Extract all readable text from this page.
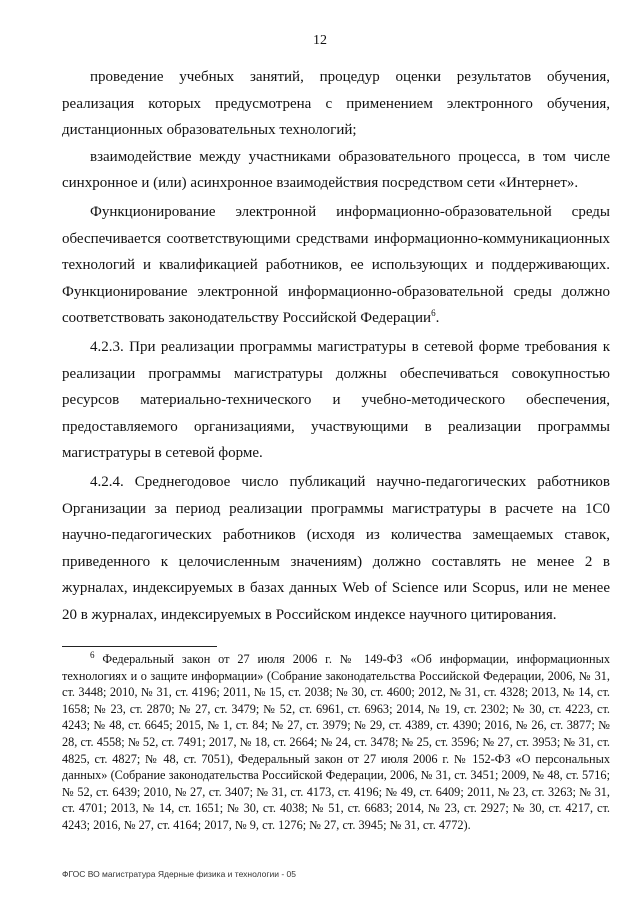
12

проведение учебных занятий, процедур оценки результатов обучения, реализация которых предусмотрена с применением электронного обучения, дистанционных образовательных технологий;

взаимодействие между участниками образовательного процесса, в том числе синхронное и (или) асинхронное взаимодействия посредством сети «Интернет».

Функционирование электронной информационно-образовательной среды обеспечивается соответствующими средствами информационно-коммуникационных технологий и квалификацией работников, ее использующих и поддерживающих. Функционирование электронной информационно-образовательной среды должно соответствовать законодательству Российской Федерации$^6$.

4.2.3. При реализации программы магистратуры в сетевой форме требования к реализации программы магистратуры должны обеспечиваться совокупностью ресурсов материально-технического и учебно-методического обеспечения, предоставляемого организациями, участвующими в реализации программы магистратуры в сетевой форме.

4.2.4. Среднегодовое число публикаций научно-педагогических работников Организации за период реализации программы магистратуры в расчете на 1С0 научно-педагогических работников (исходя из количества замещаемых ставок, приведенного к целочисленным значениям) должно составлять не менее 2 в журналах, индексируемых в базах данных Web of Science или Scopus, или не менее 20 в журналах, индексируемых в Российском индексе научного цитирования.

$^6$ Федеральный закон от 27 июля 2006 г. № 149-ФЗ «Об информации, информационных технологиях и о защите информации» (Собрание законодательства Российской Федерации, 2006, № 31, ст. 3448; 2010, № 31, ст. 4196; 2011, № 15, ст. 2038; № 30, ст. 4600; 2012, № 31, ст. 4328; 2013, № 14, ст. 1658; № 23, ст. 2870; № 27, ст. 3479; № 52, ст. 6961, ст. 6963; 2014, № 19, ст. 2302; № 30, ст. 4223, ст. 4243; № 48, ст. 6645; 2015, № 1, ст. 84; № 27, ст. 3979; № 29, ст. 4389, ст. 4390; 2016, № 26, ст. 3877; № 28, ст. 4558; № 52, ст. 7491; 2017, № 18, ст. 2664; № 24, ст. 3478; № 25, ст. 3596; № 27, ст. 3953; № 31, ст. 4825, ст. 4827; № 48, ст. 7051), Федеральный закон от 27 июля 2006 г. № 152-ФЗ «О персональных данных» (Собрание законодательства Российской Федерации, 2006, № 31, ст. 3451; 2009, № 48, ст. 5716; № 52, ст. 6439; 2010, № 27, ст. 3407; № 31, ст. 4173, ст. 4196; № 49, ст. 6409; 2011, № 23, ст. 3263; № 31, ст. 4701; 2013, № 14, ст. 1651; № 30, ст. 4038; № 51, ст. 6683; 2014, № 23, ст. 2927; № 30, ст. 4217, ст. 4243; 2016, № 27, ст. 4164; 2017, № 9, ст. 1276; № 27, ст. 3945; № 31, ст. 4772).

ФГОС ВО магистратура Ядерные физика и технологии - 05
